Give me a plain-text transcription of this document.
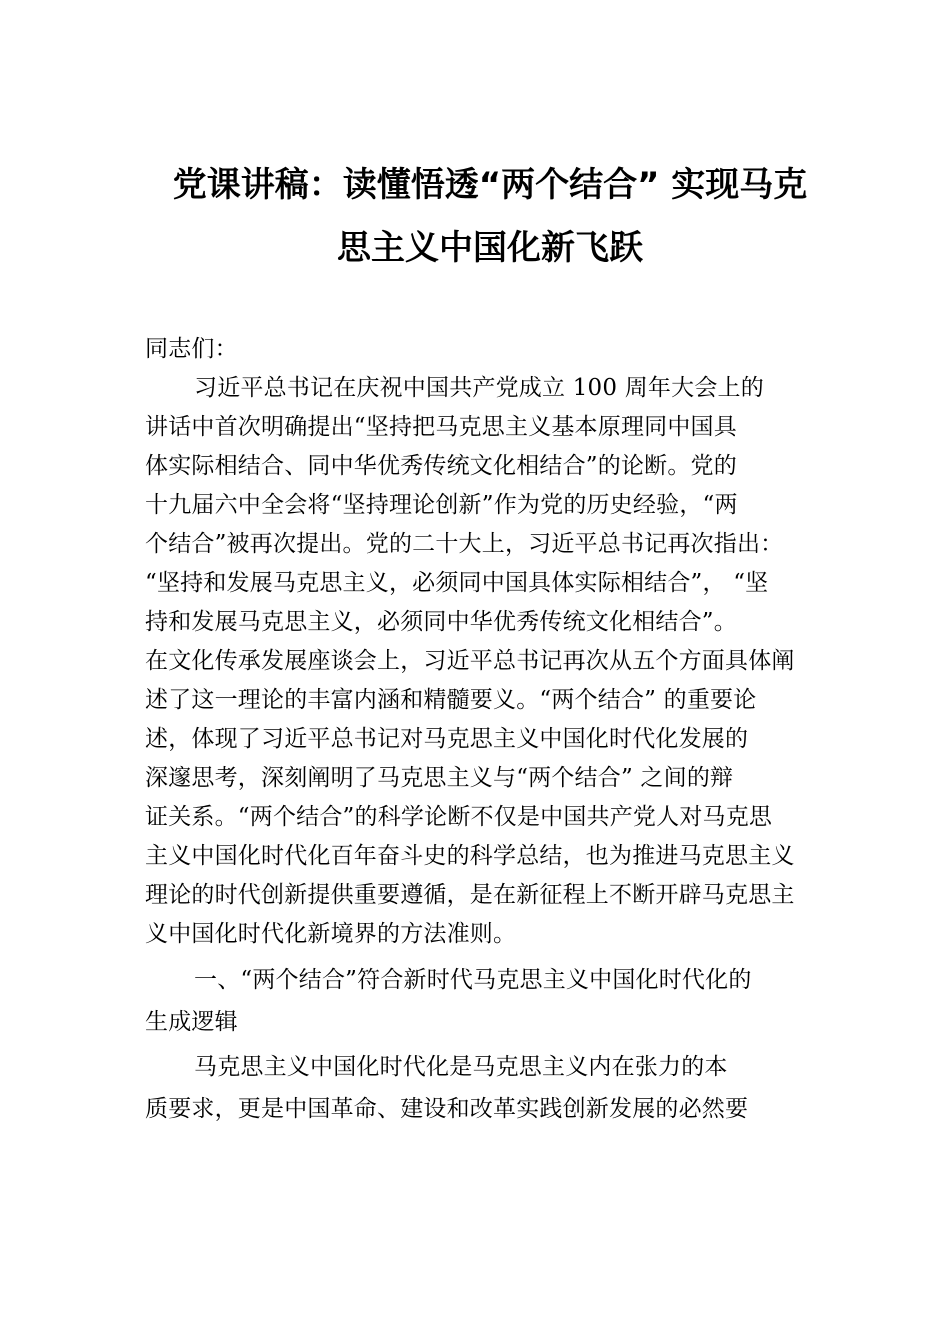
党课讲稿：读懂悟透“两个结合” 实现马克
思主义中国化新飞跃
同志们：
习近平总书记在庆祝中国共产党成立 100 周年大会上的
讲话中首次明确提出“坚持把马克思主义基本原理同中国具
体实际相结合、同中华优秀传统文化相结合”的论断。党的
十九届六中全会将“坚持理论创新”作为党的历史经验，“两
个结合”被再次提出。党的二十大上，习近平总书记再次指出：
“坚持和发展马克思主义，必须同中国具体实际相结合”， “坚
持和发展马克思主义，必须同中华优秀传统文化相结合”。
在文化传承发展座谈会上，习近平总书记再次从五个方面具体阐
述了这一理论的丰富内涵和精髓要义。“两个结合” 的重要论
述，体现了习近平总书记对马克思主义中国化时代化发展的
深邃思考，深刻阐明了马克思主义与“两个结合” 之间的辩
证关系。“两个结合”的科学论断不仅是中国共产党人对马克思
主义中国化时代化百年奋斗史的科学总结，也为推进马克思主义
理论的时代创新提供重要遵循，是在新征程上不断开辟马克思主
义中国化时代化新境界的方法准则。
一、“两个结合”符合新时代马克思主义中国化时代化的
生成逻辑
马克思主义中国化时代化是马克思主义内在张力的本
质要求，更是中国革命、建设和改革实践创新发展的必然要
